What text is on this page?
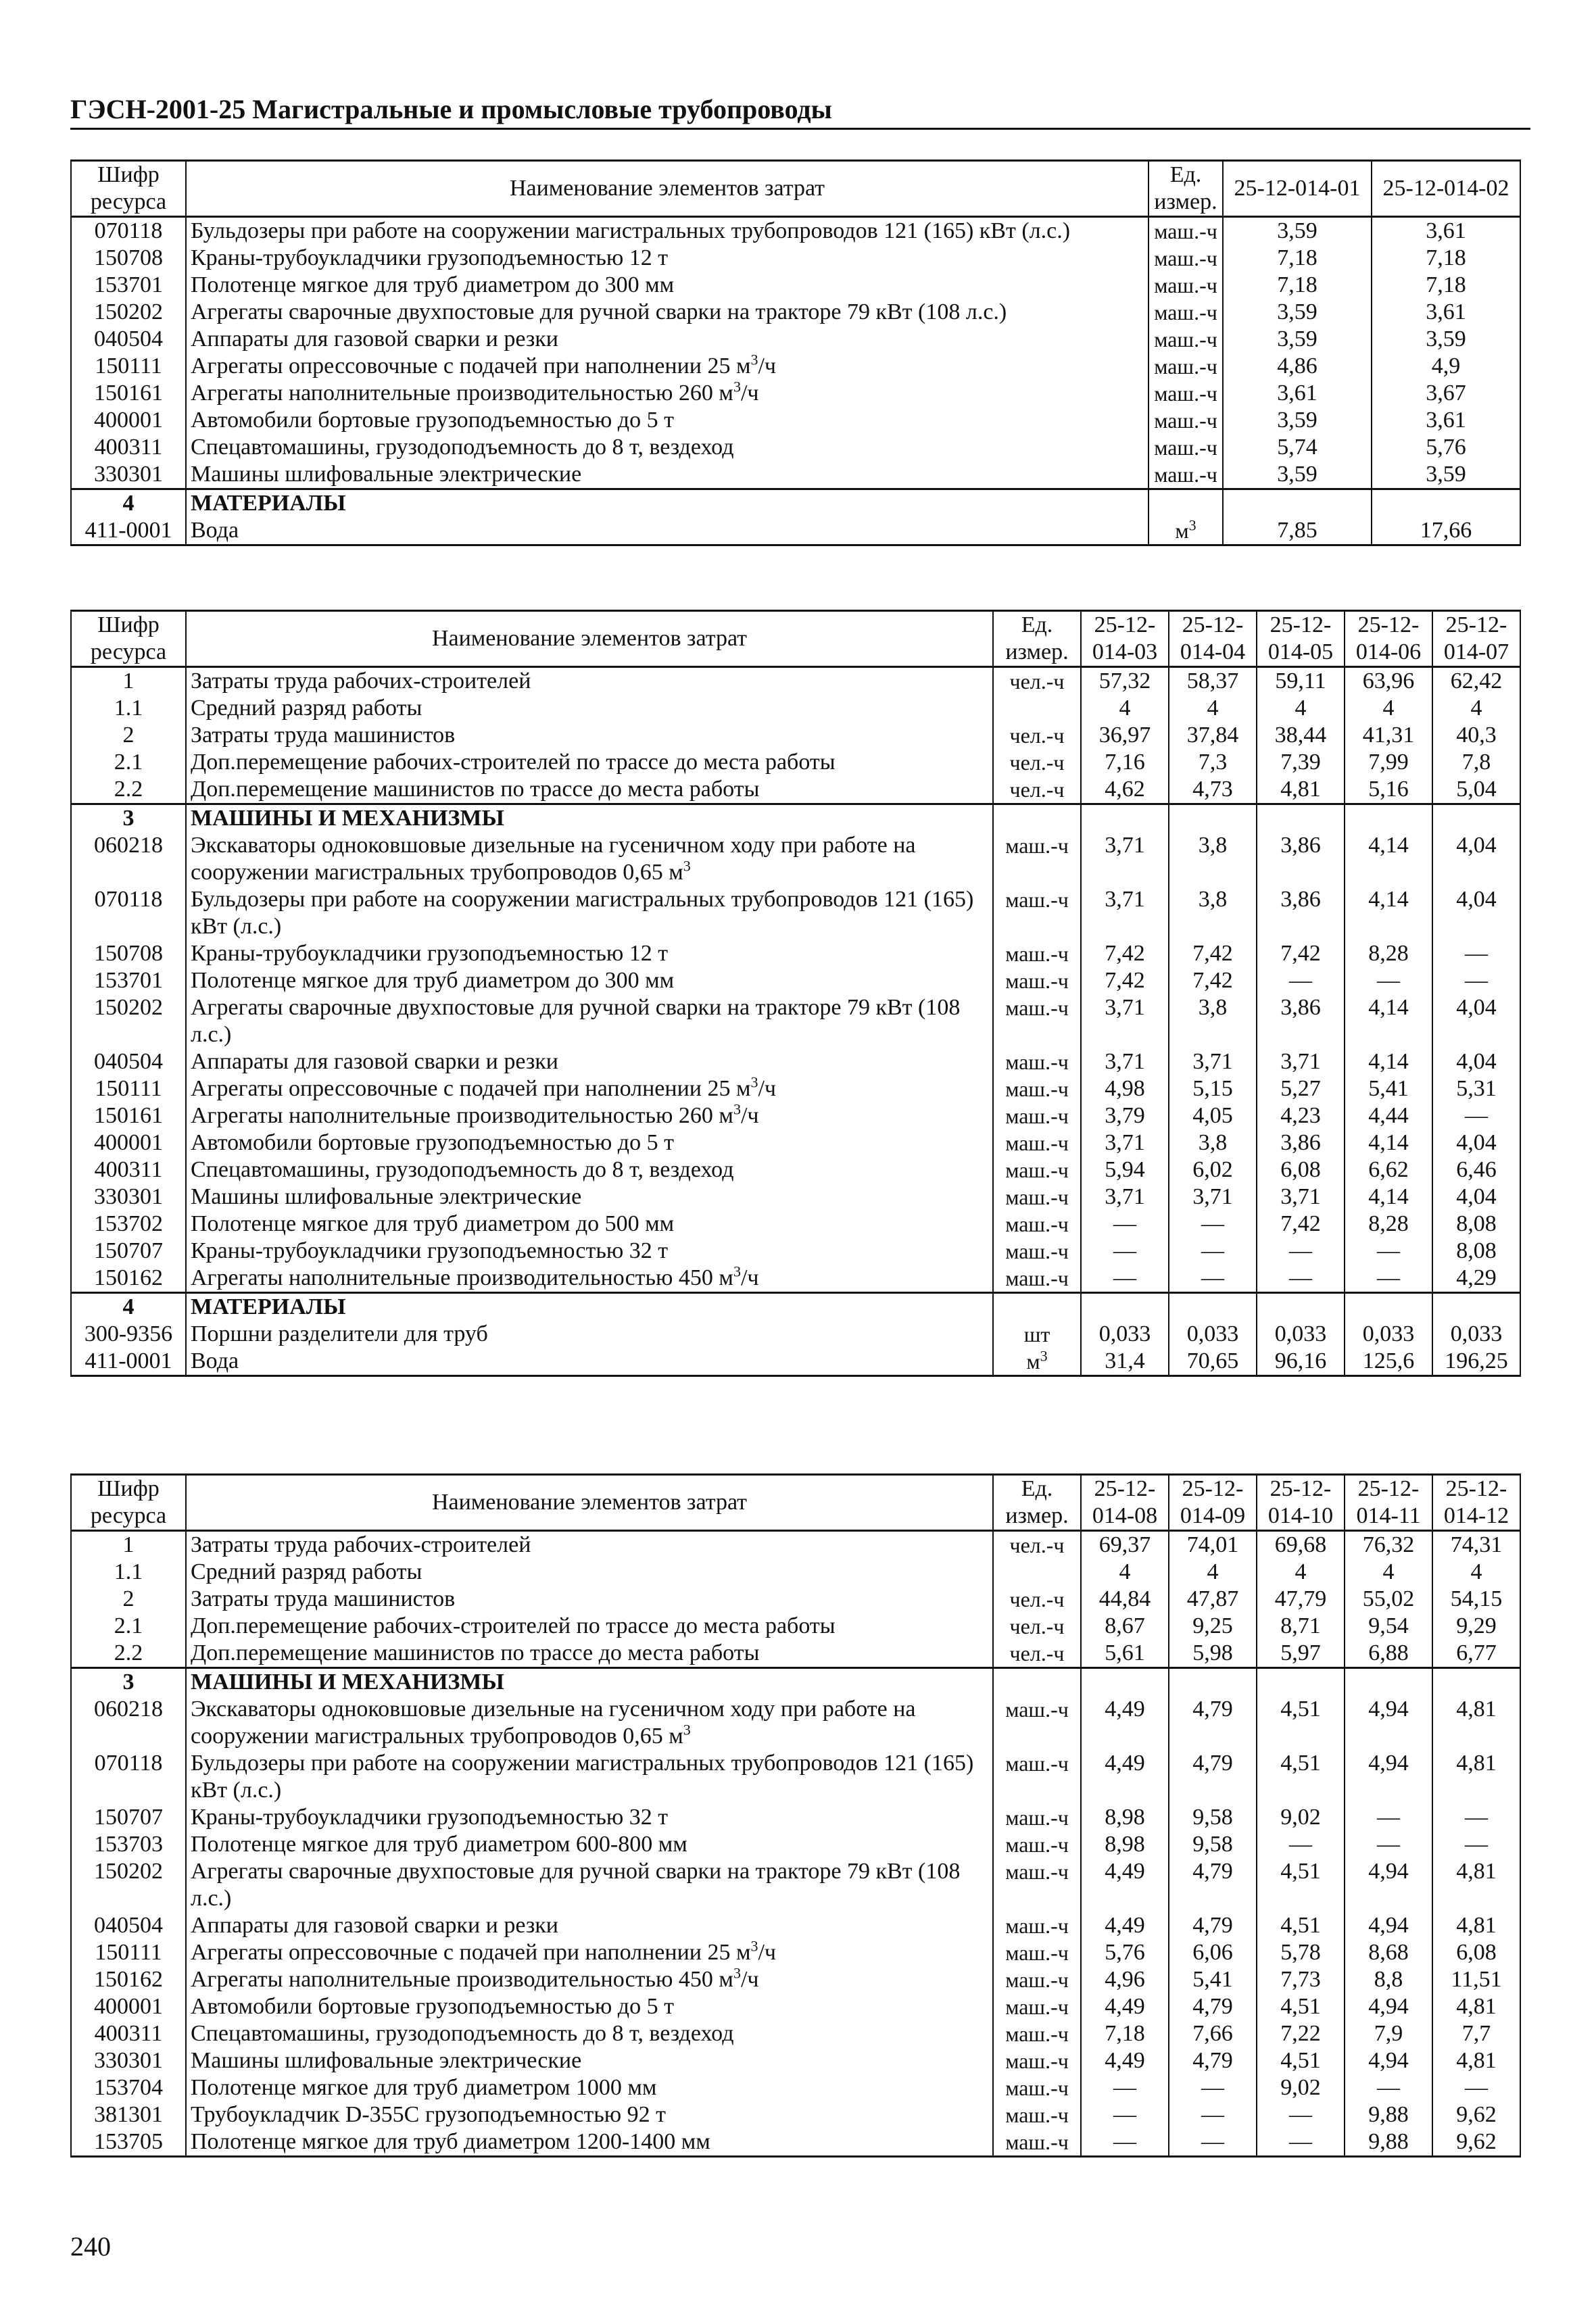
ГЭСН-2001-25 Магистральные и промысловые трубопроводы
Шифр ресурса	Наименование элементов затрат	Ед. измер.	25-12-014-01	25-12-014-02
070118	Бульдозеры при работе на сооружении магистральных трубопроводов 121 (165) кВт (л.с.)	маш.-ч	3,59	3,61
150708	Краны-трубоукладчики грузоподъемностью 12 т	маш.-ч	7,18	7,18
153701	Полотенце мягкое для труб диаметром до 300 мм	маш.-ч	7,18	7,18
150202	Агрегаты сварочные двухпостовые для ручной сварки на тракторе 79 кВт (108 л.с.)	маш.-ч	3,59	3,61
040504	Аппараты для газовой сварки и резки	маш.-ч	3,59	3,59
150111	Агрегаты опрессовочные с подачей при наполнении 25 $м^3/ч$	маш.-ч	4,86	4,9
150161	Агрегаты наполнительные производительностью 260 $м^3/ч$	маш.-ч	3,61	3,67
400001	Автомобили бортовые грузоподъемностью до 5 т	маш.-ч	3,59	3,61
400311	Спецавтомашины, грузодоподъемность до 8 т, вездеход	маш.-ч	5,74	5,76
330301	Машины шлифовальные электрические	маш.-ч	3,59	3,59
4	МАТЕРИАЛЫ			
411-0001	Вода	$м^3$	7,85	17,66
Шифр ресурса	Наименование элементов затрат	Ед. измер.	25-12-014-03	25-12-014-04	25-12-014-05	25-12-014-06	25-12-014-07
1	Затраты труда рабочих-строителей	чел.-ч	57,32	58,37	59,11	63,96	62,42
1.1	Средний разряд работы		4	4	4	4	4
2	Затраты труда машинистов	чел.-ч	36,97	37,84	38,44	41,31	40,3
2.1	Доп.перемещение рабочих-строителей по трассе до места работы	чел.-ч	7,16	7,3	7,39	7,99	7,8
2.2	Доп.перемещение машинистов по трассе до места работы	чел.-ч	4,62	4,73	4,81	5,16	5,04
3	МАШИНЫ И МЕХАНИЗМЫ						
060218	Экскаваторы одноковшовые дизельные на гусеничном ходу при работе на сооружении магистральных трубопроводов 0,65 $м^3$	маш.-ч	3,71	3,8	3,86	4,14	4,04
070118	Бульдозеры при работе на сооружении магистральных трубопроводов 121 (165) кВт (л.с.)	маш.-ч	3,71	3,8	3,86	4,14	4,04
150708	Краны-трубоукладчики грузоподъемностью 12 т	маш.-ч	7,42	7,42	7,42	8,28	—
153701	Полотенце мягкое для труб диаметром до 300 мм	маш.-ч	7,42	7,42	—	—	—
150202	Агрегаты сварочные двухпостовые для ручной сварки на тракторе 79 кВт (108 л.с.)	маш.-ч	3,71	3,8	3,86	4,14	4,04
040504	Аппараты для газовой сварки и резки	маш.-ч	3,71	3,71	3,71	4,14	4,04
150111	Агрегаты опрессовочные с подачей при наполнении 25 $м^3/ч$	маш.-ч	4,98	5,15	5,27	5,41	5,31
150161	Агрегаты наполнительные производительностью 260 $м^3/ч$	маш.-ч	3,79	4,05	4,23	4,44	—
400001	Автомобили бортовые грузоподъемностью до 5 т	маш.-ч	3,71	3,8	3,86	4,14	4,04
400311	Спецавтомашины, грузодоподъемность до 8 т, вездеход	маш.-ч	5,94	6,02	6,08	6,62	6,46
330301	Машины шлифовальные электрические	маш.-ч	3,71	3,71	3,71	4,14	4,04
153702	Полотенце мягкое для труб диаметром до 500 мм	маш.-ч	—	—	7,42	8,28	8,08
150707	Краны-трубоукладчики грузоподъемностью 32 т	маш.-ч	—	—	—	—	8,08
150162	Агрегаты наполнительные производительностью 450 $м^3/ч$	маш.-ч	—	—	—	—	4,29
4	МАТЕРИАЛЫ						
300-9356	Поршни разделители для труб	шт	0,033	0,033	0,033	0,033	0,033
411-0001	Вода	$м^3$	31,4	70,65	96,16	125,6	196,25
Шифр ресурса	Наименование элементов затрат	Ед. измер.	25-12-014-08	25-12-014-09	25-12-014-10	25-12-014-11	25-12-014-12
1	Затраты труда рабочих-строителей	чел.-ч	69,37	74,01	69,68	76,32	74,31
1.1	Средний разряд работы		4	4	4	4	4
2	Затраты труда машинистов	чел.-ч	44,84	47,87	47,79	55,02	54,15
2.1	Доп.перемещение рабочих-строителей по трассе до места работы	чел.-ч	8,67	9,25	8,71	9,54	9,29
2.2	Доп.перемещение машинистов по трассе до места работы	чел.-ч	5,61	5,98	5,97	6,88	6,77
3	МАШИНЫ И МЕХАНИЗМЫ						
060218	Экскаваторы одноковшовые дизельные на гусеничном ходу при работе на сооружении магистральных трубопроводов 0,65 $м^3$	маш.-ч	4,49	4,79	4,51	4,94	4,81
070118	Бульдозеры при работе на сооружении магистральных трубопроводов 121 (165) кВт (л.с.)	маш.-ч	4,49	4,79	4,51	4,94	4,81
150707	Краны-трубоукладчики грузоподъемностью 32 т	маш.-ч	8,98	9,58	9,02	—	—
153703	Полотенце мягкое для труб диаметром 600-800 мм	маш.-ч	8,98	9,58	—	—	—
150202	Агрегаты сварочные двухпостовые для ручной сварки на тракторе 79 кВт (108 л.с.)	маш.-ч	4,49	4,79	4,51	4,94	4,81
040504	Аппараты для газовой сварки и резки	маш.-ч	4,49	4,79	4,51	4,94	4,81
150111	Агрегаты опрессовочные с подачей при наполнении 25 $м^3/ч$	маш.-ч	5,76	6,06	5,78	8,68	6,08
150162	Агрегаты наполнительные производительностью 450 $м^3/ч$	маш.-ч	4,96	5,41	7,73	8,8	11,51
400001	Автомобили бортовые грузоподъемностью до 5 т	маш.-ч	4,49	4,79	4,51	4,94	4,81
400311	Спецавтомашины, грузодоподъемность до 8 т, вездеход	маш.-ч	7,18	7,66	7,22	7,9	7,7
330301	Машины шлифовальные электрические	маш.-ч	4,49	4,79	4,51	4,94	4,81
153704	Полотенце мягкое для труб диаметром 1000 мм	маш.-ч	—	—	9,02	—	—
381301	Трубоукладчик D-355C грузоподъемностью 92 т	маш.-ч	—	—	—	9,88	9,62
153705	Полотенце мягкое для труб диаметром 1200-1400 мм	маш.-ч	—	—	—	9,88	9,62
240
